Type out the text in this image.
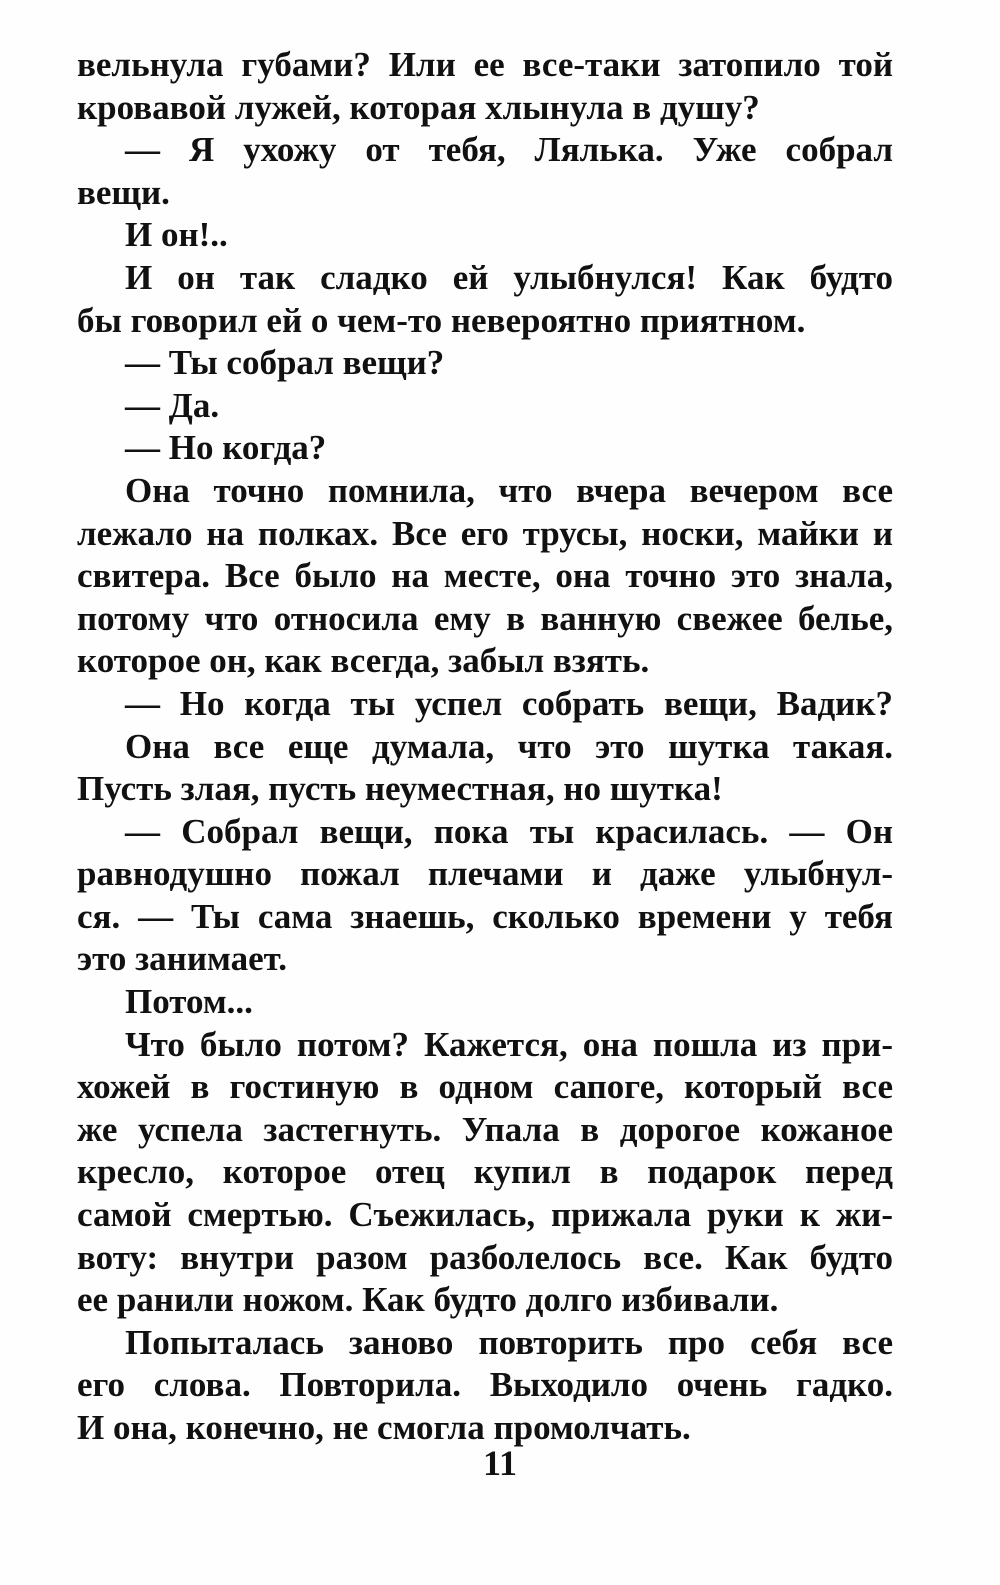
вельнула губами? Или ее все-таки затопило той
кровавой лужей, которая хлынула в душу?
— Я ухожу от тебя, Лялька. Уже собрал
вещи.
И он!..
И он так сладко ей улыбнулся! Как будто
бы говорил ей о чем-то невероятно приятном.
— Ты собрал вещи?
— Да.
— Но когда?
Она точно помнила, что вчера вечером все
лежало на полках. Все его трусы, носки, майки и
свитера. Все было на месте, она точно это знала,
потому что относила ему в ванную свежее белье,
которое он, как всегда, забыл взять.
— Но когда ты успел собрать вещи, Вадик?
Она все еще думала, что это шутка такая.
Пусть злая, пусть неуместная, но шутка!
— Собрал вещи, пока ты красилась. — Он
равнодушно пожал плечами и даже улыбнул-
ся. — Ты сама знаешь, сколько времени у тебя
это занимает.
Потом...
Что было потом? Кажется, она пошла из при-
хожей в гостиную в одном сапоге, который все
же успела застегнуть. Упала в дорогое кожаное
кресло, которое отец купил в подарок перед
самой смертью. Съежилась, прижала руки к жи-
воту: внутри разом разболелось все. Как будто
ее ранили ножом. Как будто долго избивали.
Попыталась заново повторить про себя все
его слова. Повторила. Выходило очень гадко.
И она, конечно, не смогла промолчать.
11
